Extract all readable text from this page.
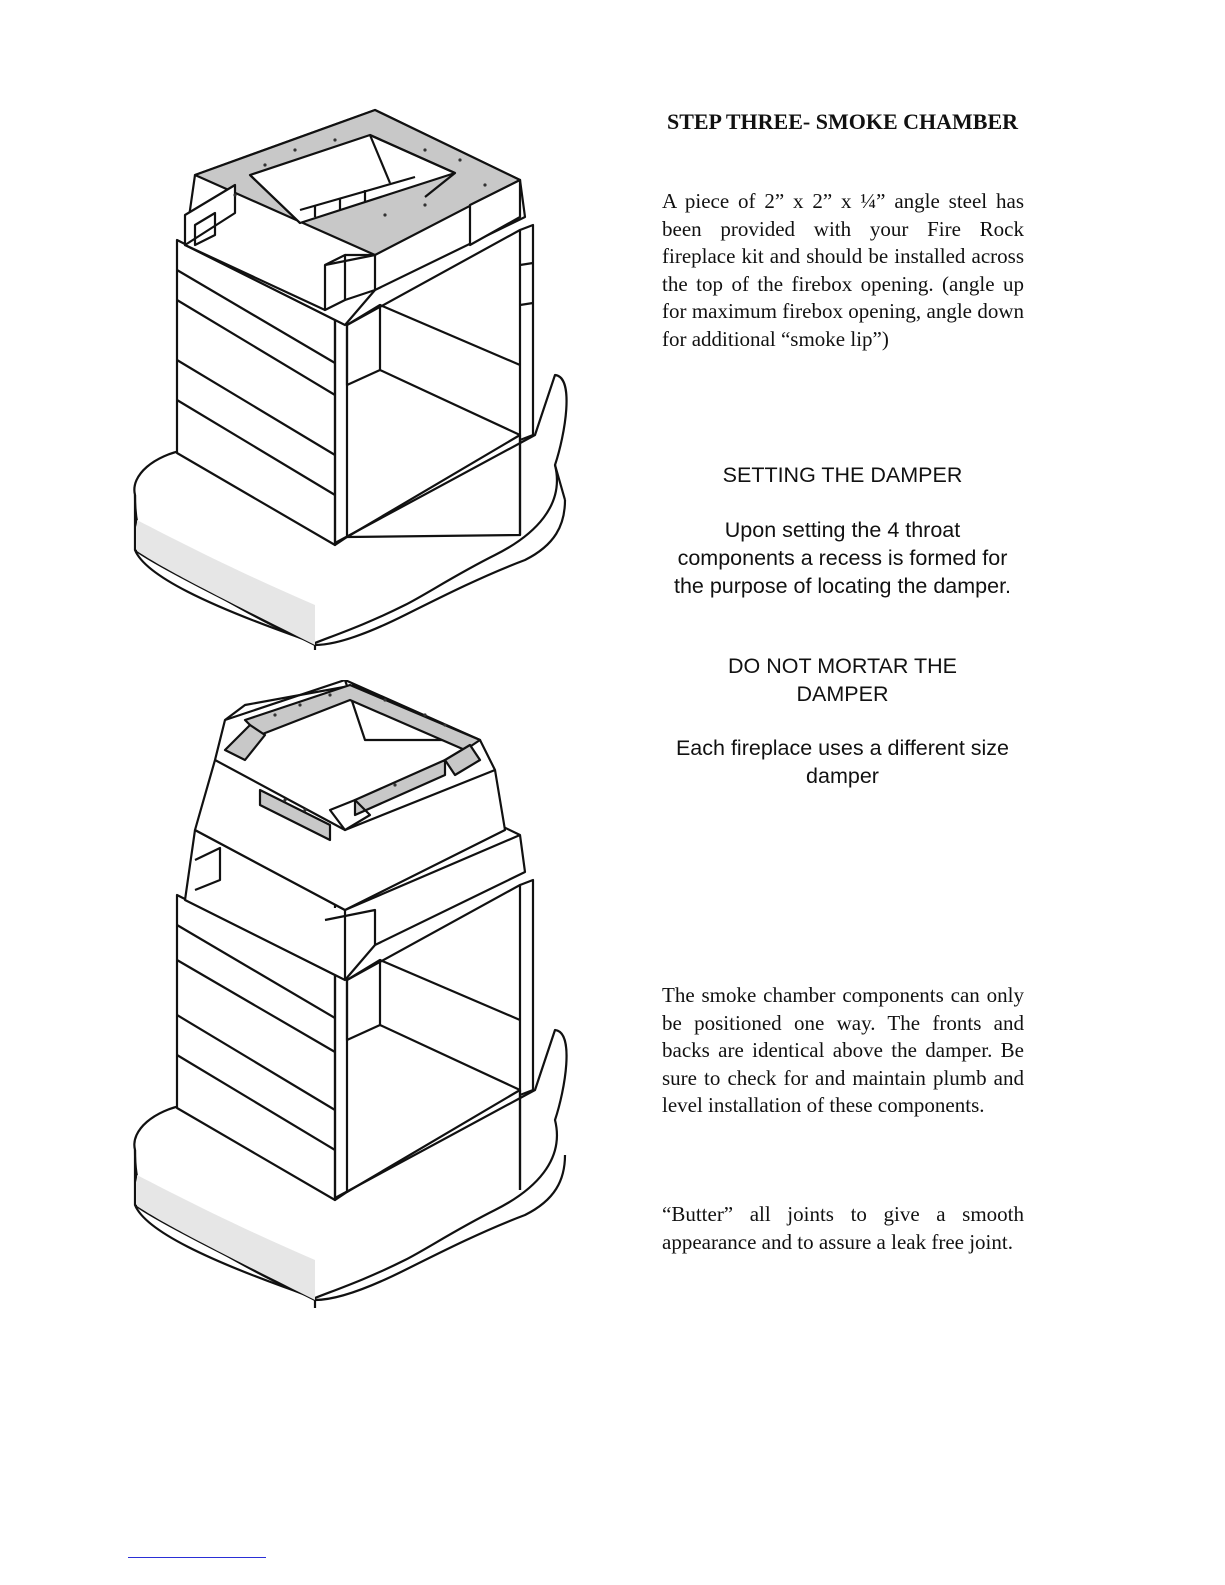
STEP THREE- SMOKE CHAMBER
A piece of 2” x 2” x ¼” angle steel has been provided with your Fire Rock fireplace kit and should be installed across the top of the firebox opening. (angle up for maximum firebox opening, angle down for additional “smoke lip”)
SETTING THE DAMPER
Upon setting the 4 throat components a recess is formed for the purpose of locating the damper.
DO NOT MORTAR THE DAMPER
Each fireplace uses a different size damper
The smoke chamber components can only be positioned one way. The fronts and backs are identical above the damper. Be sure to check for and maintain plumb and level installation of these components.
“Butter” all joints to give a smooth appearance and to assure a leak free joint.
